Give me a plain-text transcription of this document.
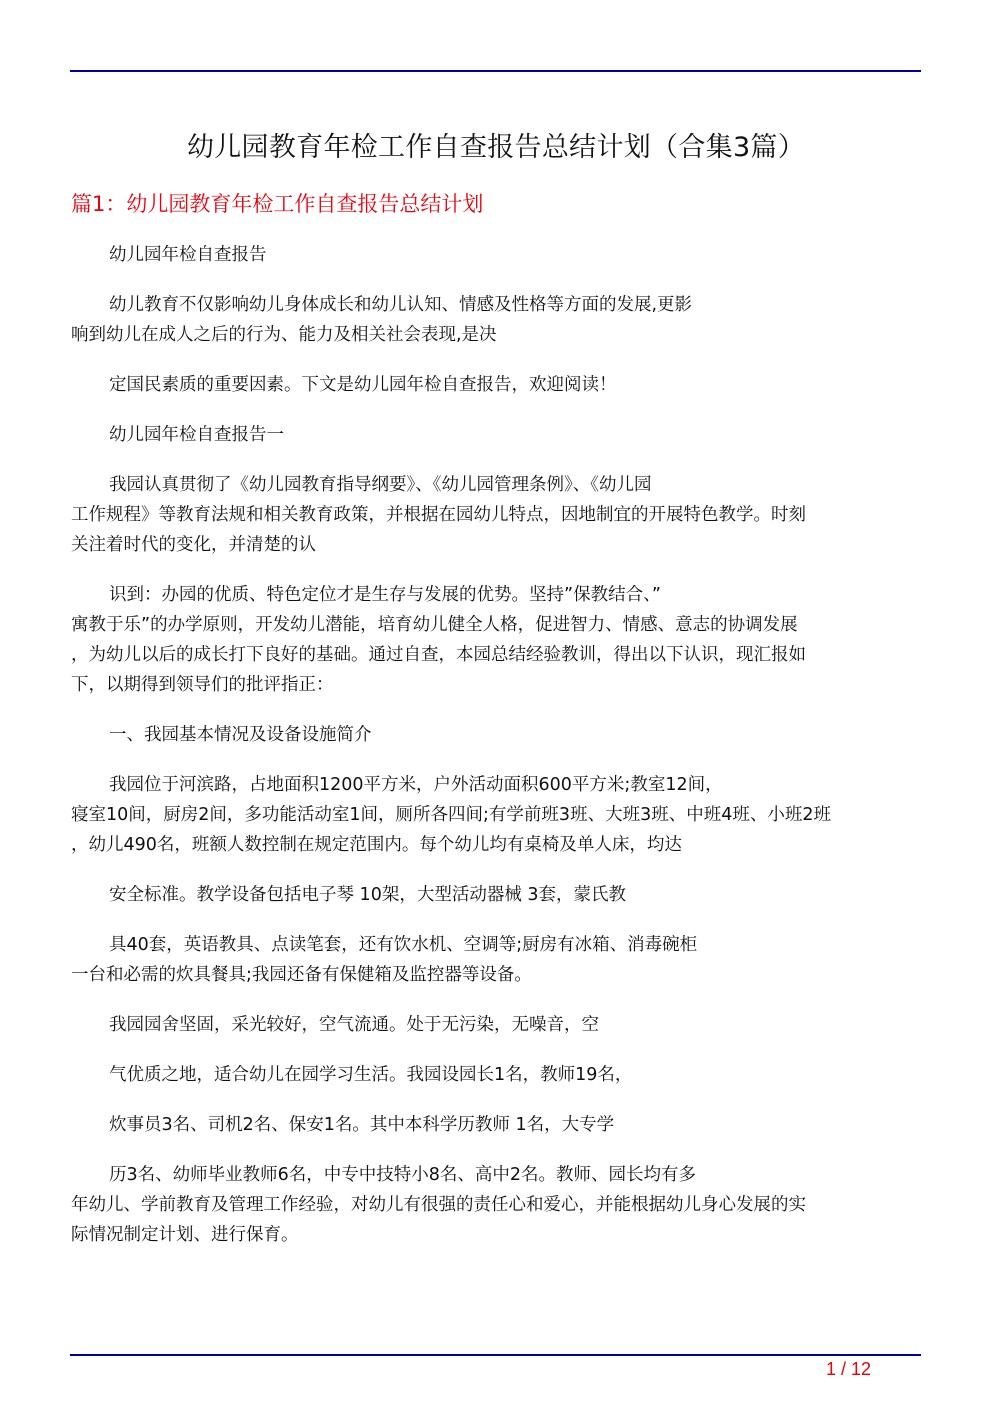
幼儿园教育年检工作自查报告总结计划（合集3篇）
篇1：幼儿园教育年检工作自查报告总结计划
幼儿园年检自查报告
幼儿教育不仅影响幼儿身体成长和幼儿认知、情感及性格等方面的发展,更影
响到幼儿在成人之后的行为、能力及相关社会表现,是决
定国民素质的重要因素。下文是幼儿园年检自查报告，欢迎阅读！
幼儿园年检自查报告一
我园认真贯彻了《幼儿园教育指导纲要》、《幼儿园管理条例》、《幼儿园
工作规程》等教育法规和相关教育政策，并根据在园幼儿特点，因地制宜的开展特色教学。时刻
关注着时代的变化，并清楚的认
识到：办园的优质、特色定位才是生存与发展的优势。坚持”保教结合、”
寓教于乐”的办学原则，开发幼儿潜能，培育幼儿健全人格，促进智力、情感、意志的协调发展
，为幼儿以后的成长打下良好的基础。通过自查，本园总结经验教训，得出以下认识，现汇报如
下，以期得到领导们的批评指正：
一、我园基本情况及设备设施简介
我园位于河滨路，占地面积1200平方米，户外活动面积600平方米;教室12间，
寝室10间，厨房2间，多功能活动室1间，厕所各四间;有学前班3班、大班3班、中班4班、小班2班
，幼儿490名，班额人数控制在规定范围内。每个幼儿均有桌椅及单人床，均达
安全标准。教学设备包括电子琴 10架，大型活动器械 3套，蒙氏教
具40套，英语教具、点读笔套，还有饮水机、空调等;厨房有冰箱、消毒碗柜
一台和必需的炊具餐具;我园还备有保健箱及监控器等设备。
我园园舍坚固，采光较好，空气流通。处于无污染，无噪音，空
气优质之地，适合幼儿在园学习生活。我园设园长1名，教师19名，
炊事员3名、司机2名、保安1名。其中本科学历教师 1名，大专学
历3名、幼师毕业教师6名，中专中技特小8名、高中2名。教师、园长均有多
年幼儿、学前教育及管理工作经验，对幼儿有很强的责任心和爱心，并能根据幼儿身心发展的实
际情况制定计划、进行保育。
1 / 12
